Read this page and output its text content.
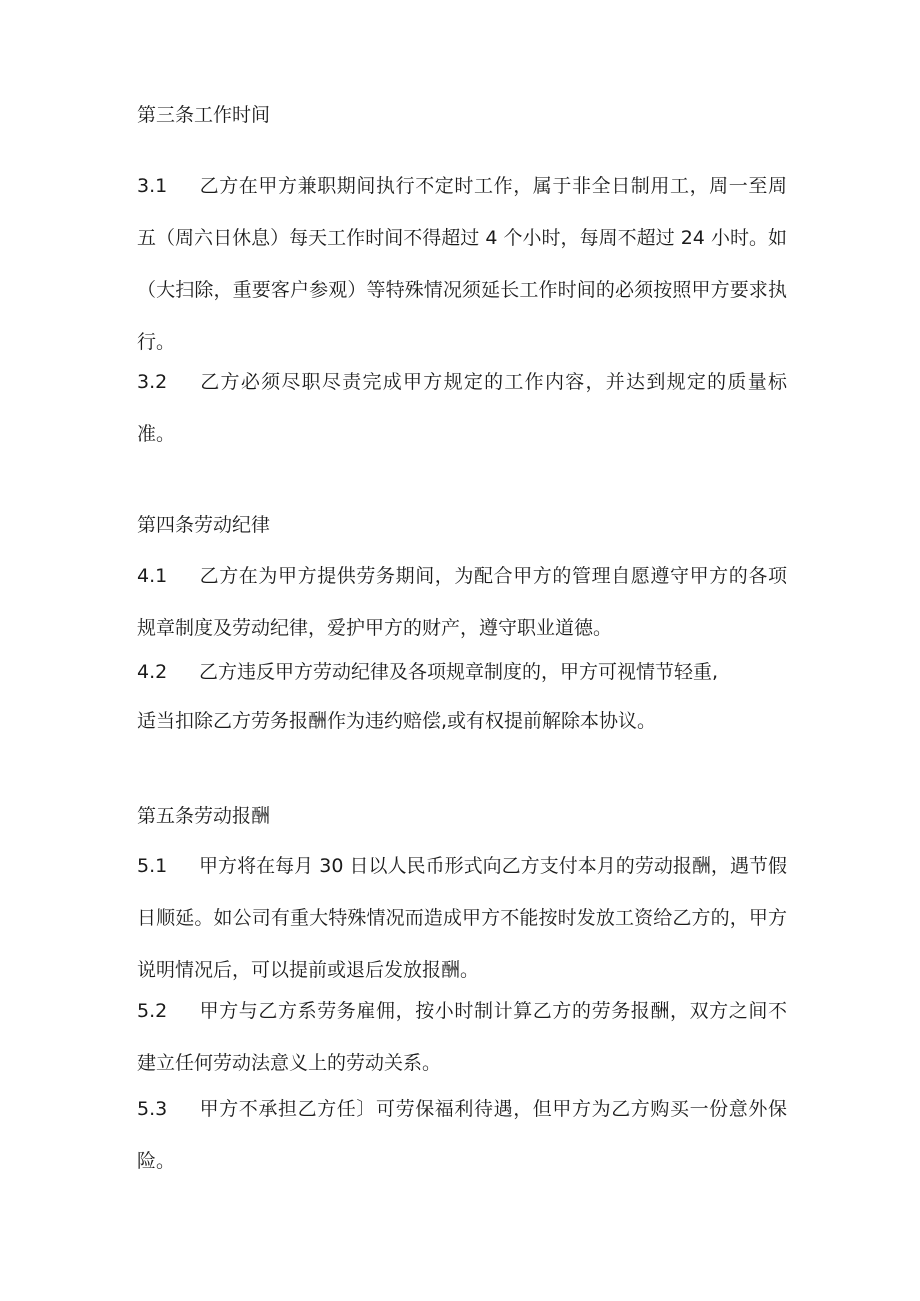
第三条工作时间
3.1 乙方在甲方兼职期间执行不定时工作，属于非全日制用工，周一至周五（周六日休息）每天工作时间不得超过 4 个小时，每周不超过 24 小时。如（大扫除，重要客户参观）等特殊情况须延长工作时间的必须按照甲方要求执行。
3.2 乙方必须尽职尽责完成甲方规定的工作内容，并达到规定的质量标准。
第四条劳动纪律
4.1 乙方在为甲方提供劳务期间，为配合甲方的管理自愿遵守甲方的各项规章制度及劳动纪律，爱护甲方的财产，遵守职业道德。
4.2 乙方违反甲方劳动纪律及各项规章制度的，甲方可视情节轻重,
适当扣除乙方劳务报酬作为违约赔偿,或有权提前解除本协议。
第五条劳动报酬
5.1 甲方将在每月 30 日以人民币形式向乙方支付本月的劳动报酬，遇节假日顺延。如公司有重大特殊情况而造成甲方不能按时发放工资给乙方的，甲方说明情况后，可以提前或退后发放报酬。
5.2 甲方与乙方系劳务雇佣，按小时制计算乙方的劳务报酬，双方之间不建立任何劳动法意义上的劳动关系。
5.3 甲方不承担乙方任〕可劳保福利待遇，但甲方为乙方购买一份意外保险。
